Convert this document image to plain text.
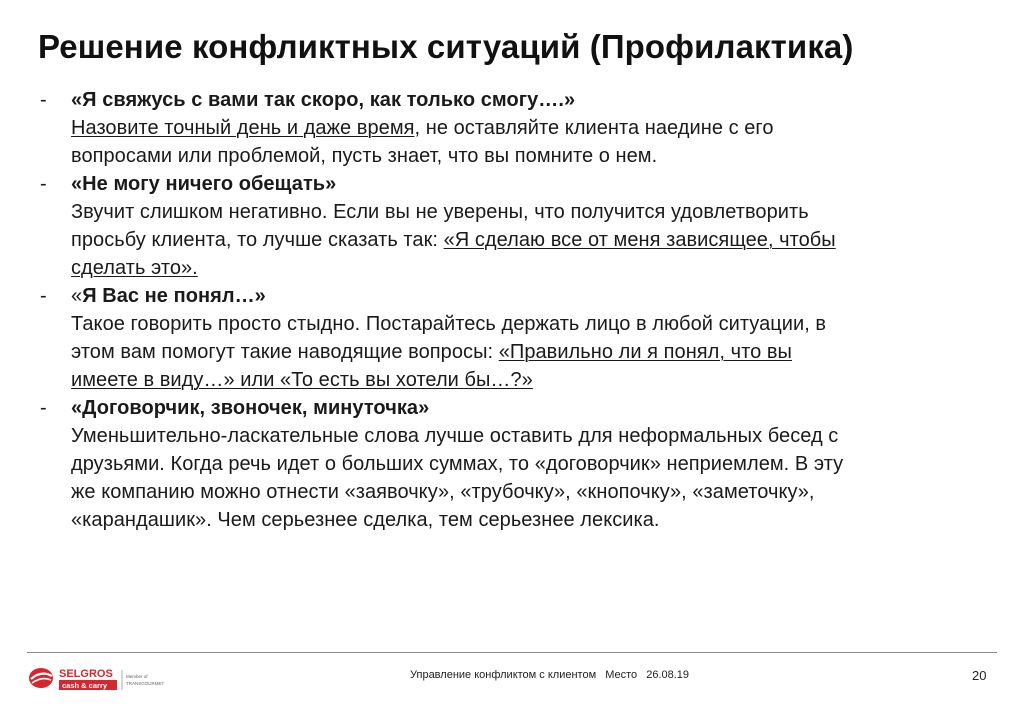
Решение конфликтных ситуаций (Профилактика)
- «Я свяжусь с вами так скоро, как только смогу….»
Назовите точный день и даже время, не оставляйте клиента наедине с его
вопросами или проблемой, пусть знает, что вы помните о нем.
- «Не могу ничего обещать»
Звучит слишком негативно. Если вы не уверены, что получится удовлетворить
просьбу клиента, то лучше сказать так: «Я сделаю все от меня зависящее, чтобы
сделать это».
- «Я Вас не понял…»
Такое говорить просто стыдно. Постарайтесь держать лицо в любой ситуации, в
этом вам помогут такие наводящие вопросы: «Правильно ли я понял, что вы
имеете в виду…» или «То есть вы хотели бы…?»
- «Договорчик, звоночек, минуточка»
Уменьшительно-ласкательные слова лучше оставить для неформальных бесед с
друзьями. Когда речь идет о больших суммах, то «договорчик» неприемлем. В эту
же компанию можно отнести «заявочку», «трубочку», «кнопочку», «заметочку»,
«карандашик». Чем серьезнее сделка, тем серьезнее лексика.
SELGROS
cash & carry
Member of
TRANSGOURMET
Управление конфликтом с клиентом Место 26.08.19	20
